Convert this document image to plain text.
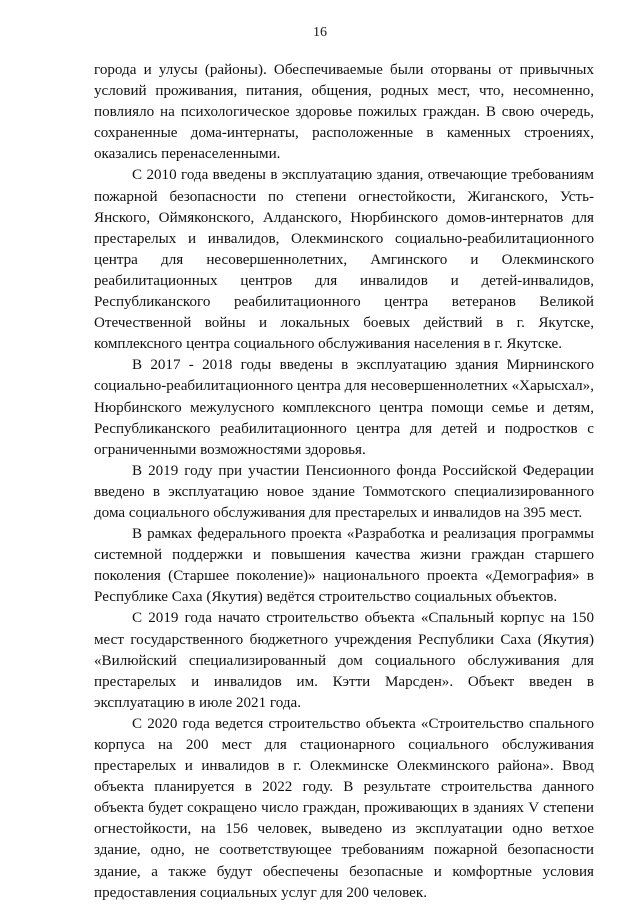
16

города и улусы (районы). Обеспечиваемые были оторваны от привычных условий проживания, питания, общения, родных мест, что, несомненно, повлияло на психологическое здоровье пожилых граждан. В свою очередь, сохраненные дома-интернаты, расположенные в каменных строениях, оказались перенаселенными.

С 2010 года введены в эксплуатацию здания, отвечающие требованиям пожарной безопасности по степени огнестойкости, Жиганского, Усть-Янского, Оймяконского, Алданского, Нюрбинского домов-интернатов для престарелых и инвалидов, Олекминского социально-реабилитационного центра для несовершеннолетних, Амгинского и Олекминского реабилитационных центров для инвалидов и детей-инвалидов, Республиканского реабилитационного центра ветеранов Великой Отечественной войны и локальных боевых действий в г. Якутске, комплексного центра социального обслуживания населения в г. Якутске.

В 2017 - 2018 годы введены в эксплуатацию здания Мирнинского социально-реабилитационного центра для несовершеннолетних «Харысхал», Нюрбинского межулусного комплексного центра помощи семье и детям, Республиканского реабилитационного центра для детей и подростков с ограниченными возможностями здоровья.

В 2019 году при участии Пенсионного фонда Российской Федерации введено в эксплуатацию новое здание Томмотского специализированного дома социального обслуживания для престарелых и инвалидов на 395 мест.

В рамках федерального проекта «Разработка и реализация программы системной поддержки и повышения качества жизни граждан старшего поколения (Старшее поколение)» национального проекта «Демография» в Республике Саха (Якутия) ведётся строительство социальных объектов.

С 2019 года начато строительство объекта «Спальный корпус на 150 мест государственного бюджетного учреждения Республики Саха (Якутия) «Вилюйский специализированный дом социального обслуживания для престарелых и инвалидов им. Кэтти Марсден». Объект введен в эксплуатацию в июле 2021 года.

С 2020 года ведется строительство объекта «Строительство спального корпуса на 200 мест для стационарного социального обслуживания престарелых и инвалидов в г. Олекминске Олекминского района». Ввод объекта планируется в 2022 году. В результате строительства данного объекта будет сокращено число граждан, проживающих в зданиях V степени огнестойкости, на 156 человек, выведено из эксплуатации одно ветхое здание, одно, не соответствующее требованиям пожарной безопасности здание, а также будут обеспечены безопасные и комфортные условия предоставления социальных услуг для 200 человек.
